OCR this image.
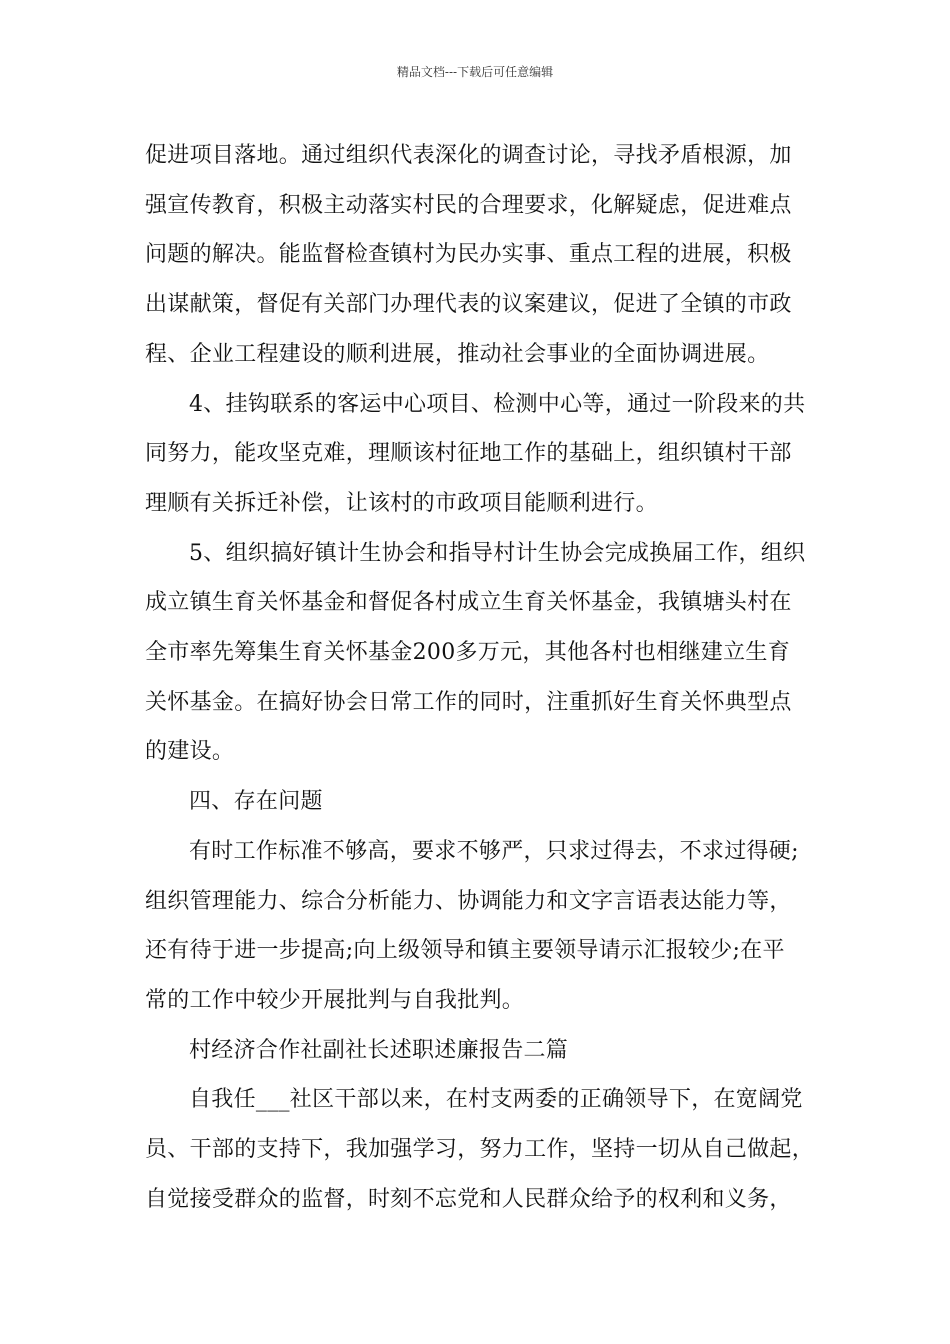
精品文档---下载后可任意编辑
促进项目落地。通过组织代表深化的调查讨论，寻找矛盾根源，加
强宣传教育，积极主动落实村民的合理要求，化解疑虑，促进难点
问题的解决。能监督检查镇村为民办实事、重点工程的进展，积极
出谋献策，督促有关部门办理代表的议案建议，促进了全镇的市政
程、企业工程建设的顺利进展，推动社会事业的全面协调进展。
4、挂钩联系的客运中心项目、检测中心等，通过一阶段来的共
同努力，能攻坚克难，理顺该村征地工作的基础上，组织镇村干部
理顺有关拆迁补偿，让该村的市政项目能顺利进行。
5、组织搞好镇计生协会和指导村计生协会完成换届工作，组织
成立镇生育关怀基金和督促各村成立生育关怀基金，我镇塘头村在
全市率先筹集生育关怀基金200多万元，其他各村也相继建立生育
关怀基金。在搞好协会日常工作的同时，注重抓好生育关怀典型点
的建设。
四、存在问题
有时工作标准不够高，要求不够严，只求过得去，不求过得硬;
组织管理能力、综合分析能力、协调能力和文字言语表达能力等，
还有待于进一步提高;向上级领导和镇主要领导请示汇报较少;在平
常的工作中较少开展批判与自我批判。
村经济合作社副社长述职述廉报告二篇
自我任___社区干部以来，在村支两委的正确领导下，在宽阔党
员、干部的支持下，我加强学习，努力工作，坚持一切从自己做起，
自觉接受群众的监督，时刻不忘党和人民群众给予的权利和义务，
